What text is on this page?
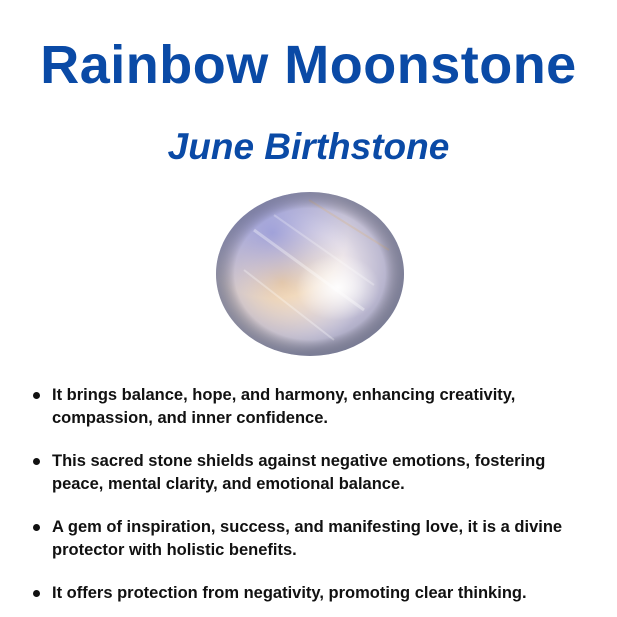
Rainbow Moonstone
June Birthstone
It brings balance, hope, and harmony, enhancing creativity, compassion, and inner confidence.
This sacred stone shields against negative emotions, fostering peace, mental clarity, and emotional balance.
A gem of inspiration, success, and manifesting love, it is a divine protector with holistic benefits.
It offers protection from negativity, promoting clear thinking.
